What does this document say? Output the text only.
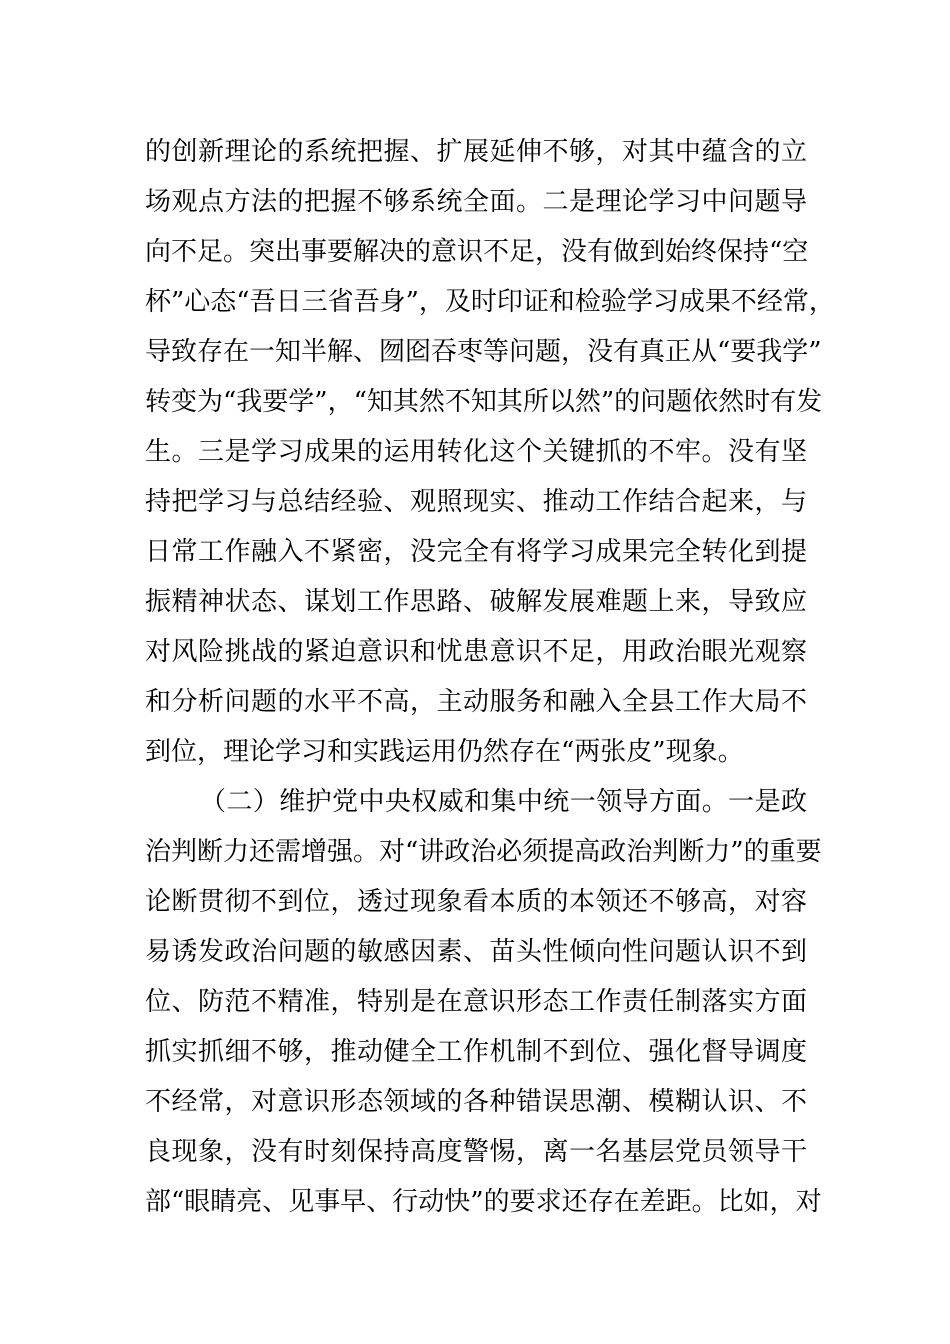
的创新理论的系统把握、扩展延伸不够，对其中蕴含的立
场观点方法的把握不够系统全面。二是理论学习中问题导
向不足。突出事要解决的意识不足，没有做到始终保持“空
杯”心态“吾日三省吾身”，及时印证和检验学习成果不经常，
导致存在一知半解、囫囵吞枣等问题，没有真正从“要我学”
转变为“我要学”，“知其然不知其所以然”的问题依然时有发
生。三是学习成果的运用转化这个关键抓的不牢。没有坚
持把学习与总结经验、观照现实、推动工作结合起来，与
日常工作融入不紧密，没完全有将学习成果完全转化到提
振精神状态、谋划工作思路、破解发展难题上来，导致应
对风险挑战的紧迫意识和忧患意识不足，用政治眼光观察
和分析问题的水平不高，主动服务和融入全县工作大局不
到位，理论学习和实践运用仍然存在“两张皮”现象。
（二）维护党中央权威和集中统一领导方面。一是政
治判断力还需增强。对“讲政治必须提高政治判断力”的重要
论断贯彻不到位，透过现象看本质的本领还不够高，对容
易诱发政治问题的敏感因素、苗头性倾向性问题认识不到
位、防范不精准，特别是在意识形态工作责任制落实方面
抓实抓细不够，推动健全工作机制不到位、强化督导调度
不经常，对意识形态领域的各种错误思潮、模糊认识、不
良现象，没有时刻保持高度警惕，离一名基层党员领导干
部“眼睛亮、见事早、行动快”的要求还存在差距。比如，对
